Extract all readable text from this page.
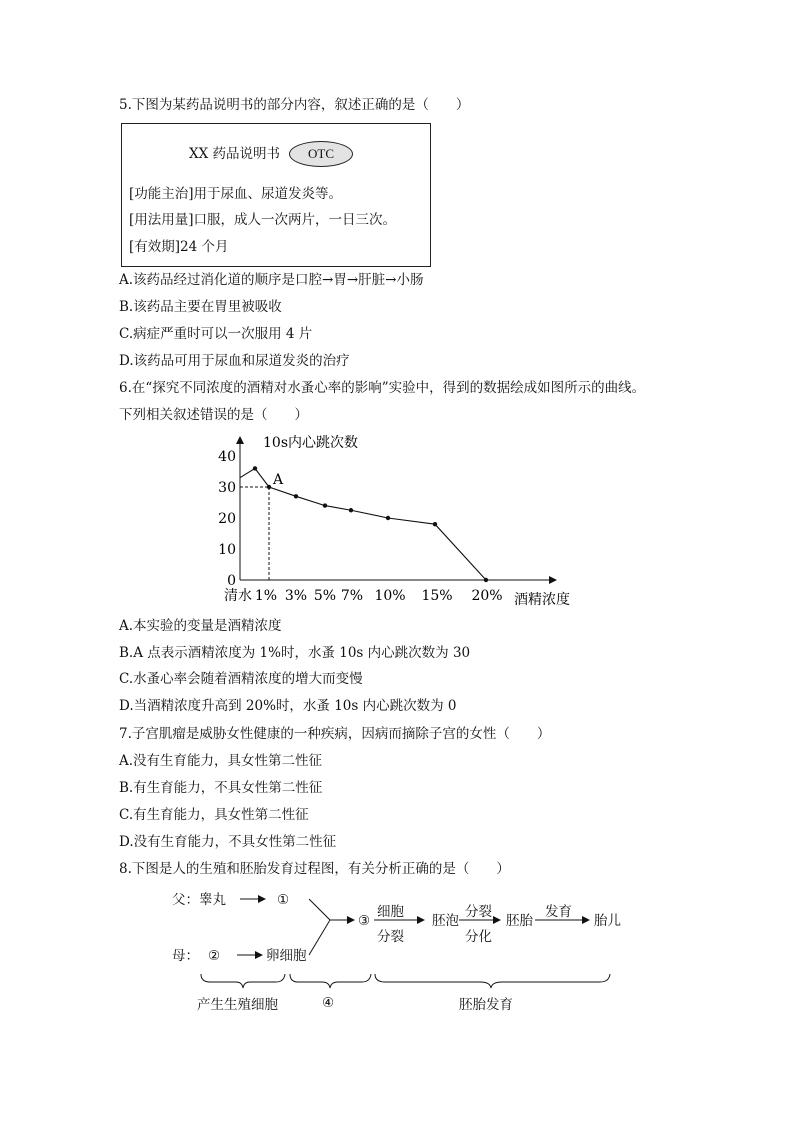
5.下图为某药品说明书的部分内容，叙述正确的是（　　）
XX 药品说明书	OTC
[功能主治]用于尿血、尿道发炎等。
[用法用量]口服，成人一次两片，一日三次。
[有效期]24 个月
A.该药品经过消化道的顺序是口腔→胃→肝脏→小肠
B.该药品主要在胃里被吸收
C.病症严重时可以一次服用 4 片
D.该药品可用于尿血和尿道发炎的治疗
6.在“探究不同浓度的酒精对水蚤心率的影响”实验中，得到的数据绘成如图所示的曲线。
下列相关叙述错误的是（　　）
0
10
20
30
40
10s内心跳次数
清水 1% 3% 5% 7% 10% 15% 20% 酒精浓度
A
A.本实验的变量是酒精浓度
B.A 点表示酒精浓度为 1%时，水蚤 10s 内心跳次数为 30
C.水蚤心率会随着酒精浓度的增大而变慢
D.当酒精浓度升高到 20%时，水蚤 10s 内心跳次数为 0
7.子宫肌瘤是威胁女性健康的一种疾病，因病而摘除子宫的女性（　　）
A.没有生育能力，具女性第二性征
B.有生育能力，不具女性第二性征
C.有生育能力，具女性第二性征
D.没有生育能力，不具女性第二性征
8.下图是人的生殖和胚胎发育过程图，有关分析正确的是（　　）
父：睾丸	①
母： ②	卵细胞
③
细胞
分裂
胚泡
分裂
分化
胚胎
发育
胎儿
产生生殖细胞	④	胚胎发育
